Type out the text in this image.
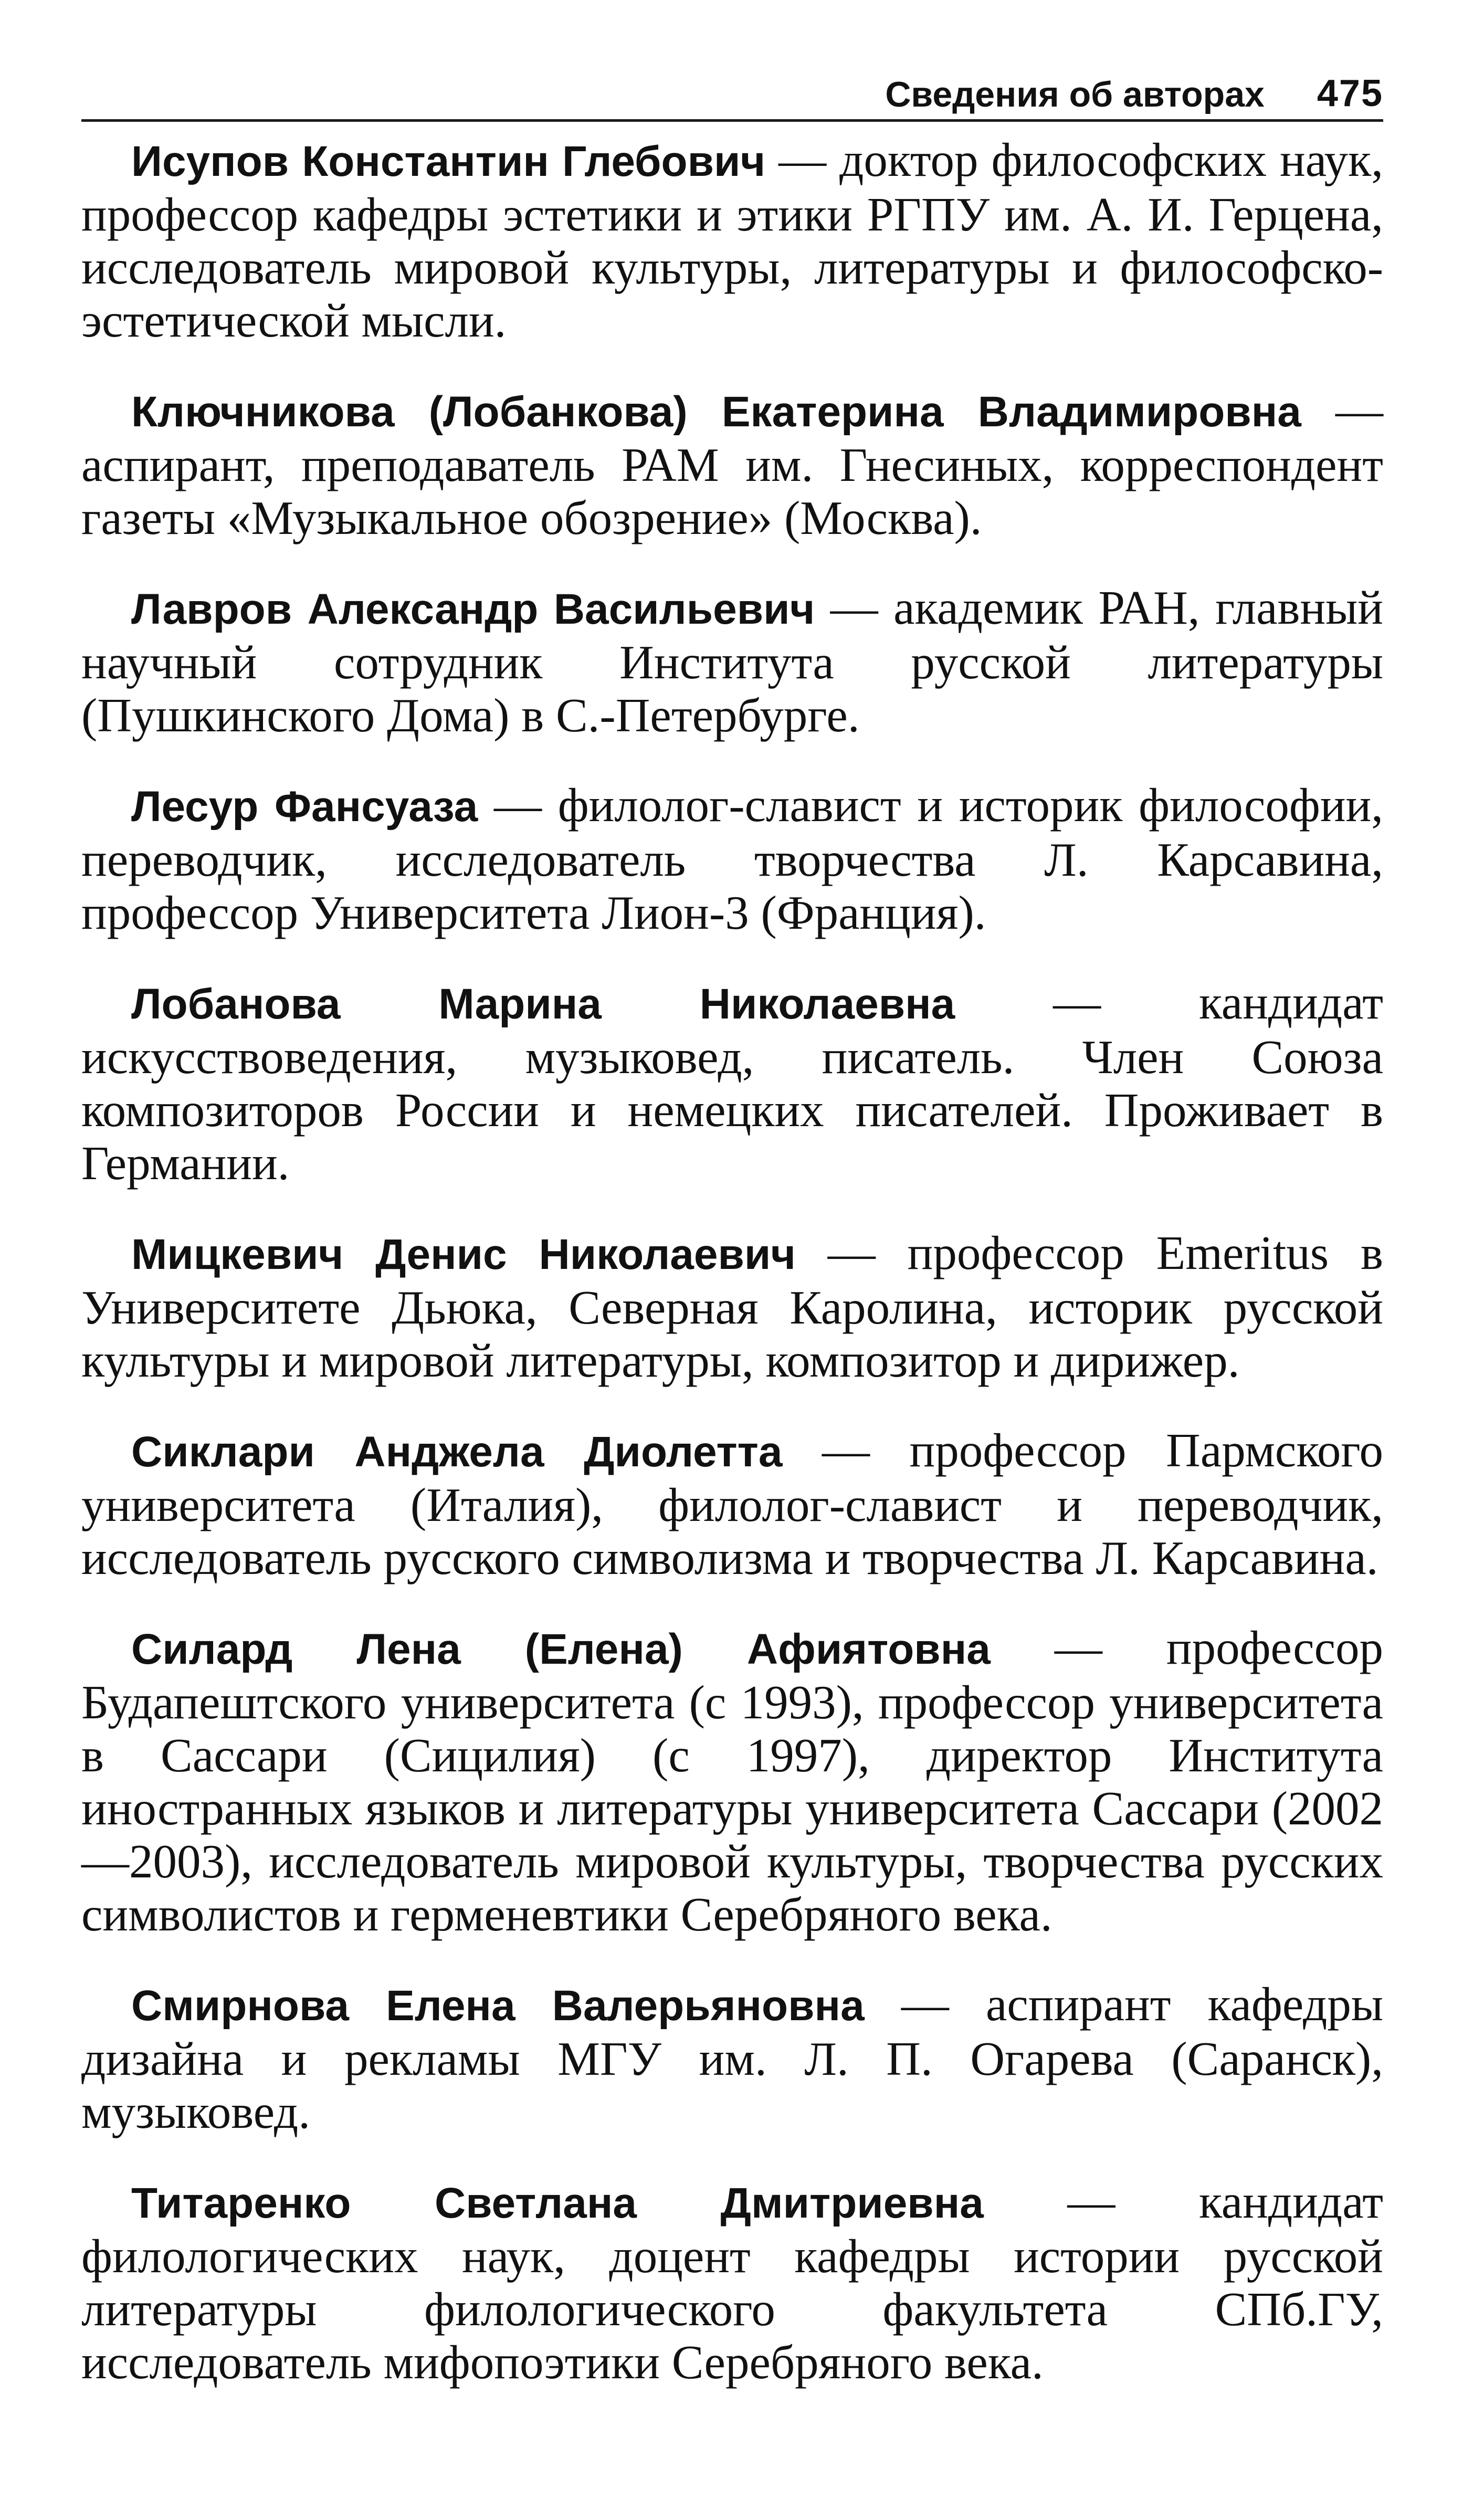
Сведения об авторах 475

Исупов Константин Глебович — доктор философских наук, профессор кафедры эстетики и этики РГПУ им. А. И. Герцена, исследователь мировой культуры, литературы и философско-эстетической мысли.

Ключникова (Лобанкова) Екатерина Владимировна — аспирант, преподаватель РАМ им. Гнесиных, корреспондент газеты «Музыкальное обозрение» (Москва).

Лавров Александр Васильевич — академик РАН, главный научный сотрудник Института русской литературы (Пушкинского Дома) в С.-Петербурге.

Лесур Фансуаза — филолог-славист и историк философии, переводчик, исследователь творчества Л. Карсавина, профессор Университета Лион-3 (Франция).

Лобанова Марина Николаевна — кандидат искусствоведения, музыковед, писатель. Член Союза композиторов России и немецких писателей. Проживает в Германии.

Мицкевич Денис Николаевич — профессор Emeritus в Университете Дьюка, Северная Каролина, историк русской культуры и мировой литературы, композитор и дирижер.

Сиклари Анджела Диолетта — профессор Пармского университета (Италия), филолог-славист и переводчик, исследователь русского символизма и творчества Л. Карсавина.

Силард Лена (Елена) Афиятовна — профессор Будапештского университета (с 1993), профессор университета в Сассари (Сицилия) (с 1997), директор Института иностранных языков и литературы университета Сассари (2002—2003), исследователь мировой культуры, творчества русских символистов и герменевтики Серебряного века.

Смирнова Елена Валерьяновна — аспирант кафедры дизайна и рекламы МГУ им. Л. П. Огарева (Саранск), музыковед.

Титаренко Светлана Дмитриевна — кандидат филологических наук, доцент кафедры истории русской литературы филологического факультета СПб.ГУ, исследователь мифопоэтики Серебряного века.
